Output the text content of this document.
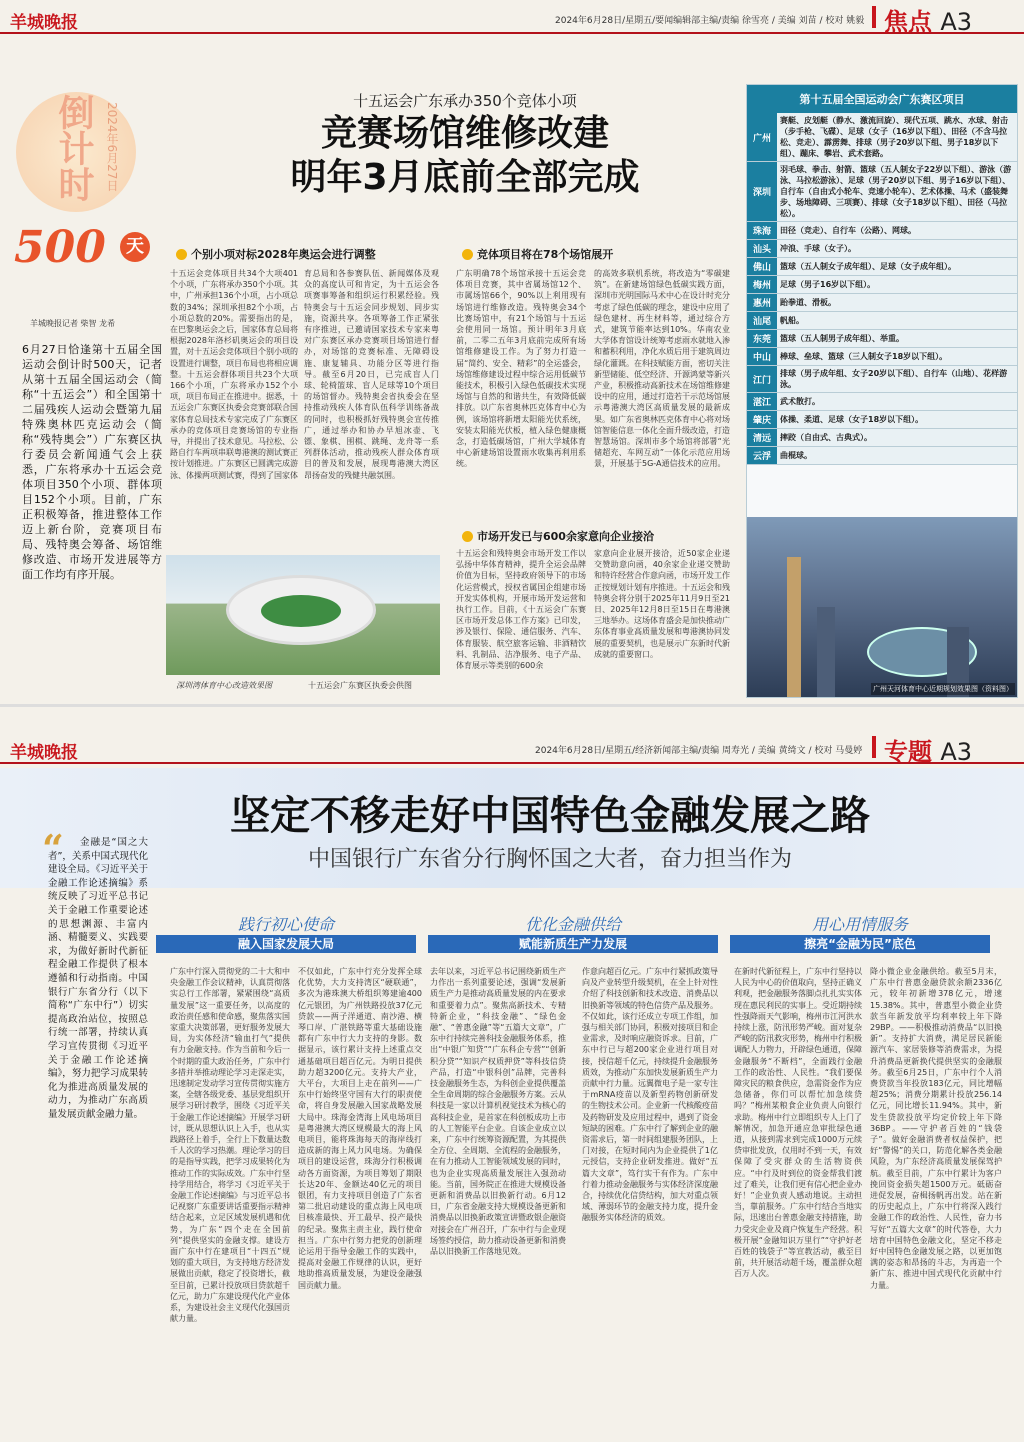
羊城晚报	2024年6月28日/星期五/要闻编辑部主编/责编 徐雪亮 / 美编 刘苗 / 校对 姚毅 焦点 A3
倒计时 2024年6月27日
500	天
十五运会广东承办350个竞体小项
竞赛场馆维修改建
明年3月底前全部完成
羊城晚报记者 柴智 龙希
6月27日恰逢第十五届全国运动会倒计时500天，记者从第十五届全国运动会（简称“十五运会”）和全国第十二届残疾人运动会暨第九届特殊奥林匹克运动会（简称“残特奥会”）广东赛区执行委员会新闻通气会上获悉，广东将承办十五运会竞体项目350个小项、群体项目152个小项。目前，广东正积极筹备，推进整体工作迈上新台阶，竞赛项目布局、残特奥会筹备、场馆维修改造、市场开发进展等方面工作均有序开展。
个别小项对标2028年奥运会进行调整	竞体项目将在78个场馆展开
市场开发已与600余家意向企业接洽
十五运会竞体项目共34个大项401个小项，广东将承办350个小项。其中，广州承担136个小项，占小项总数的34%；深圳承担82个小项，占小项总数的20%。需要指出的是，在巴黎奥运会之后，国家体育总局将根据2028年洛杉矶奥运会的项目设置，对十五运会竞体项目个别小项的设置进行调整，项目布局也将相应调整。十五运会群体项目共23个大项166个小项，广东将承办152个小项，项目布局正在推进中。据悉，十五运会广东赛区执委会竞赛部联合国家体育总局技术专家完成了广东赛区承办的竞体项目竞赛场馆的专业指导，并提出了技术意见。马拉松、公路自行车两项串联粤港澳的测试赛正按计划推进。广东赛区已圆满完成游泳、体操两项测试赛，得到了国家体
育总局和各参赛队伍、新闻媒体及观众的高度认可和肯定，为十五运会各项赛事筹备和组织运行积累经验。残特奥会与十五运会同步规划、同步实施，资源共享。各项筹备工作正紧张有序推进，已邀请国家技术专家来粤对广东赛区承办竞赛项目场馆进行督办，对场馆的竞赛标准、无障碍设施、康复辅具、功能分区等进行指导。截至6月20日，已完成盲人门球、轮椅篮球、盲人足球等10个项目的场馆督办。残特奥会省执委会在坚持推动残疾人体育队伍科学训练备战的同时，也积极抓好残特奥会宣传推广，通过举办和协办早旭冰壶、飞镖、象棋、围棋、跳绳、龙舟等一系列群体活动，推动残疾人群众体育项目的普及和发展，展现粤港澳大湾区昂扬奋发的残健共融氛围。
广东明确78个场馆承接十五运会竞体项目竞赛，其中省属场馆12个、市属场馆66个，90%以上利用现有场馆进行维修改造。残特奥会34个比赛场馆中，有21个场馆与十五运会使用同一场馆。预计明年3月底前，二零二五年3月底前完成所有场馆维修建设工作。为了努力打造一届“简约、安全、精彩”的全运盛会，场馆维修建设过程中综合运用低碳节能技术，积极引入绿色低碳技术实现场馆与自然的和谐共生，有效降低碳排放。以广东省奥林匹克体育中心为例，该场馆将新增太阳能光伏系统，安装太阳能光伏板，植入绿色健康概念，打造低碳场馆，广州大学城体育中心新建场馆设置雨水收集再利用系统。
的高效多联机系统，将改造为“零碳建筑”。在新建场馆绿色低碳实践方面，深圳市光明国际马术中心在设计时充分考虑了绿色低碳的理念，建设中应用了绿色建材、再生材料等，通过综合方式，建筑节能率达到10%。华南农业大学体育馆设计统筹考虑雨水就地入渗和蓄积利用，净化水质后用于建筑周边绿化灌溉。在科技赋能方面，密切关注新型储能、低空经济、开源鸿蒙等新兴产业，积极推动高新技术在场馆维修建设中的应用，通过打造若干示范场馆展示粤港澳大湾区高质量发展的最新成果。如广东省奥林匹克体育中心将对场馆智能信息一体化全面升级改造，打造智慧场馆。深圳市多个场馆将部署“光储超充、车网互动”一体化示范应用场景，开展基于5G-A通信技术的应用。
十五运会和残特奥会市场开发工作以弘扬中华体育精神，提升全运会品牌价值为目标，坚持政府领导下的市场化运营模式，授权省属国企组建市场开发实体机构，开展市场开发运营和执行工作。目前，《十五运会广东赛区市场开发总体工作方案》已印发，涉及银行、保险、通信服务、汽车、体育服装、航空旅客运输、非酒精饮料、乳制品、洁净服务、电子产品、体育展示等类别的600余
家意向企业展开接洽，近50家企业递交赞助意向函，40余家企业递交赞助和特许经营合作意向函，市场开发工作正按规划计划有序推进。十五运会和残特奥会将分别于2025年11月9日至21日、2025年12月8日至15日在粤港澳三地举办。这场体育盛会是加快推动广东体育事业高质量发展和粤港澳协同发展的重要契机，也是展示广东新时代新成就的重要窗口。
深圳湾体育中心改造效果图	十五运会广东赛区执委会供图
第十五届全国运动会广东赛区项目
广州	赛艇、皮划艇（静水、激流回旋）、现代五项、跳水、水球、射击（步手枪、飞碟）、足球（女子（16岁以下组）、田径（不含马拉松、竞走）、霹雳舞、排球（男子20岁以下组、男子18岁以下组）、蹦床、攀岩、武术套路。
深圳	羽毛球、拳击、射箭、篮球（五人制女子22岁以下组）、游泳（游泳、马拉松游泳）、足球（男子20岁以下组、男子16岁以下组）、自行车（自由式小轮车、竞速小轮车）、艺术体操、马术（盛装舞步、场地障碍、三项赛）、排球（女子18岁以下组）、田径（马拉松）。
珠海	田径（竞走）、自行车（公路）、网球。
汕头	冲浪、手球（女子）。
佛山	篮球（五人制女子成年组）、足球（女子成年组）。
梅州	足球（男子16岁以下组）。
惠州	跆拳道、滑板。
汕尾	帆船。
东莞	篮球（五人制男子成年组）、举重。
中山	棒球、垒球、篮球（三人制女子18岁以下组）。
江门	排球（男子成年组、女子20岁以下组）、自行车（山地）、花样游泳。
湛江	武术散打。
肇庆	体操、柔道、足球（女子18岁以下组）。
清远	摔跤（自由式、古典式）。
云浮	曲棍球。
广州天河体育中心近期规划效果图（资料图）
羊城晚报	2024年6月28日/星期五/经济新闻部主编/责编 周寿光 / 美编 黄绮文 / 校对 马曼婷 专题 A3
坚定不移走好中国特色金融发展之路
中国银行广东省分行胸怀国之大者，奋力担当作为
“	金融是“国之大者”，关系中国式现代化建设全局。《习近平关于金融工作论述摘编》系统反映了习近平总书记关于金融工作重要论述的思想渊源、丰富内涵、精髓要义、实践要求，为做好新时代新征程金融工作提供了根本遵循和行动指南。中国银行广东省分行（以下简称“广东中行”）切实提高政治站位，按照总行统一部署，持续认真学习宣传贯彻《习近平关于金融工作论述摘编》，努力把学习成果转化为推进高质量发展的动力，为推动广东高质量发展贡献金融力量。
践行初心使命
融入国家发展大局
优化金融供给
赋能新质生产力发展
用心用情服务
擦亮“金融为民”底色
广东中行深入贯彻党的二十大和中央金融工作会议精神，认真贯彻落实总行工作部署，紧紧围绕“高质量发展”这一重要任务，以高度的政治责任感和使命感，聚焦落实国家重大决策部署，更好服务发展大局，为实体经济“输血打气”提供有力金融支持。作为当前和今后一个时期的重大政治任务，广东中行多措并举推动理论学习走深走实，迅速制定发动学习宣传贯彻实施方案，全辖各级党委、基层党组织开展学习研讨教学，围绕《习近平关于金融工作论述摘编》开展学习研讨，既从思想认识上入手，也从实践路径上着手，全行上下数量达数千人次的学习热潮。理论学习的目的是指导实践，把学习成果转化为推动工作的实际成效。广东中行坚持学用结合，将学习《习近平关于金融工作论述摘编》与习近平总书记视察广东重要讲话重要指示精神结合起来，立足区域发展机遇和优势，为广东“四个走在全国前列”提供坚实的金融支撑。建设方面广东中行在建项目“十四五”规划的重大项目，为支持地方经济发展做出贡献，稳定了投资增长，截至目前，已累计投放项目贷款超千亿元，助力广东建设现代化产业体系，为建设社会主义现代化强国贡献力量。
不仅如此，广东中行充分发挥全球化优势，大力支持湾区“硬联通”，多次为港珠澳大桥组织筹建逾400亿元银团，为广州铁路投放37亿元贷款——两子洋通道、南沙港、横琴口岸、广湛铁路等重大基础设施都有广东中行大力支持的身影。数据显示，该行累计支持上述重点交通基础项目超百亿元。为明日提供助力超3200亿元。支持大产业，大平台，大项目上走在前列——广东中行始终坚守国有大行的职责使命，将自身发展融入国家战略发展大局中。珠海金湾海上风电场项目是粤港澳大湾区规模最大的海上风电项目，能将珠海每天的海岸线打造成新的海上风力风电场。为确保项目的建设运营，珠海分行积极调动各方面资源，为项目筹划了期限长达20年、金额达40亿元的项目银团，有力支持项目创造了广东省第二批启动建设的重点海上风电项目核准最快、开工最早、投产最快的纪录。聚焦主责主业，践行使命担当。广东中行努力把党的创新理论运用于指导金融工作的实践中，提高对金融工作规律的认识，更好地助推高质量发展，为建设金融强国贡献力量。
去年以来，习近平总书记围绕新质生产力作出一系列重要论述，强调“发展新质生产力是推动高质量发展的内在要求和重要着力点”。聚焦高新技术、专精特新企业，“科技金融”、“绿色金融”、“普惠金融”等“五篇大文章”，广东中行持续完善科技金融服务体系，推出“中银广知贷”“广东科企专营”“创新积分贷”“知识产权质押贷”等科技信贷产品，打造“中银科创”品牌，完善科技金融服务生态，为科创企业提供覆盖全生命周期的综合金融服务方案。云从科技是一家以计算机视觉技术为核心的高科技企业，是首家在科创板成功上市的人工智能平台企业。自该企业成立以来，广东中行统筹资源配置，为其提供全方位、全周期、全流程的金融服务，在有力推动人工智能领域发展的同时，也为企业实现高质量发展注入强劲动能。当前，国务院正在推进大规模设备更新和消费品以旧换新行动。6月12日，广东省金融支持大规模设备更新和消费品以旧换新政策宣讲暨政银企融资对接会在广州召开，广东中行与企业现场签约授信，助力推动设备更新和消费品以旧换新工作落地见效。
作意向超百亿元。广东中行紧抓政策导向及产业转型升级契机，在全上针对性介绍了科技创新和技术改造、消费品以旧换新等领域的特色信贷产品及服务。不仅如此，该行还成立专项工作组，加强与相关部门协同，积极对接项目和企业需求，及时响应融资诉求。目前，广东中行已与超200家企业进行项目对接，授信超千亿元，持续提升金融服务质效，为推动广东加快发展新质生产力贡献中行力量。远翼微电子是一家专注于mRNA疫苗以及新型药物创新研发的生物技术公司。企业新一代核酸疫苗及药物研发及应用过程中，遇到了资金短缺的困难。广东中行了解到企业的融资需求后，第一时间组建服务团队，上门对接，在短时间内为企业提供了1亿元授信，支持企业研发推进。做好“五篇大文章”，笃行实干有作为。广东中行着力推动金融服务与实体经济深度融合，持续优化信贷结构，加大对重点领域、薄弱环节的金融支持力度，提升金融服务实体经济的质效。
在新时代新征程上，广东中行坚持以人民为中心的价值取向，坚持正确义利观，把金融服务落脚点扎扎实实体现在惠民利民的实事上。受近期持续性强降雨天气影响，梅州市江河洪水持续上涨，防汛形势严峻。面对复杂严峻的防汛救灾形势，梅州中行积极调配人力物力，开辟绿色通道，保障金融服务“不断档”，全面践行金融工作的政治性、人民性。“我们要保障灾民的粮食供应，急需资金作为应急储备，你们可以帮忙加急续贷吗？”梅州某粮食企业负责人向银行求助。梅州中行立即组织专人上门了解情况，加急开通应急审批绿色通道，从接到需求到完成1000万元续贷审批发放，仅用时不到一天，有效保障了受灾群众的生活物资供应。“中行及时到位的资金帮我们渡过了难关，让我们更有信心把企业办好！”企业负责人感动地说。主动担当，靠前服务。广东中行结合当地实际，迅速出台普惠金融支持措施，助力受灾企业及商户恢复生产经营。积极开展“金融知识万里行”“守护好老百姓的钱袋子”等宣教活动，截至目前，共开展活动超千场，覆盖群众超百万人次。
降小微企业金融供给。截至5月末，广东中行普惠金融贷款余额2336亿元，较年初新增378亿元，增速15.38%。其中，普惠型小微企业贷款当年新发放平均利率较上年下降29BP。——积极推动消费品“以旧换新”。支持扩大消费，满足居民新能源汽车、家居装修等消费需求，为提升消费品更新换代提供坚实的金融服务。截至6月25日，广东中行个人消费贷款当年投放183亿元，同比增幅超25%；消费分期累计投放256.14亿元，同比增长11.94%。其中，新发生贷款投放平均定价较上年下降36BP。——守护者百姓的“钱袋子”。做好金融消费者权益保护，把好“警惕”的关口，防范化解各类金融风险，为广东经济高质量发展保驾护航。截至目前，广东中行累计为客户挽回资金损失超1500万元。砥砺奋进促发展，奋楫扬帆再出发。站在新的历史起点上，广东中行将深入践行金融工作的政治性、人民性，奋力书写好“五篇大文章”的时代答卷，大力培育中国特色金融文化，坚定不移走好中国特色金融发展之路，以更加饱满的姿态和昂扬的斗志，为再造一个新广东、推进中国式现代化贡献中行力量。
